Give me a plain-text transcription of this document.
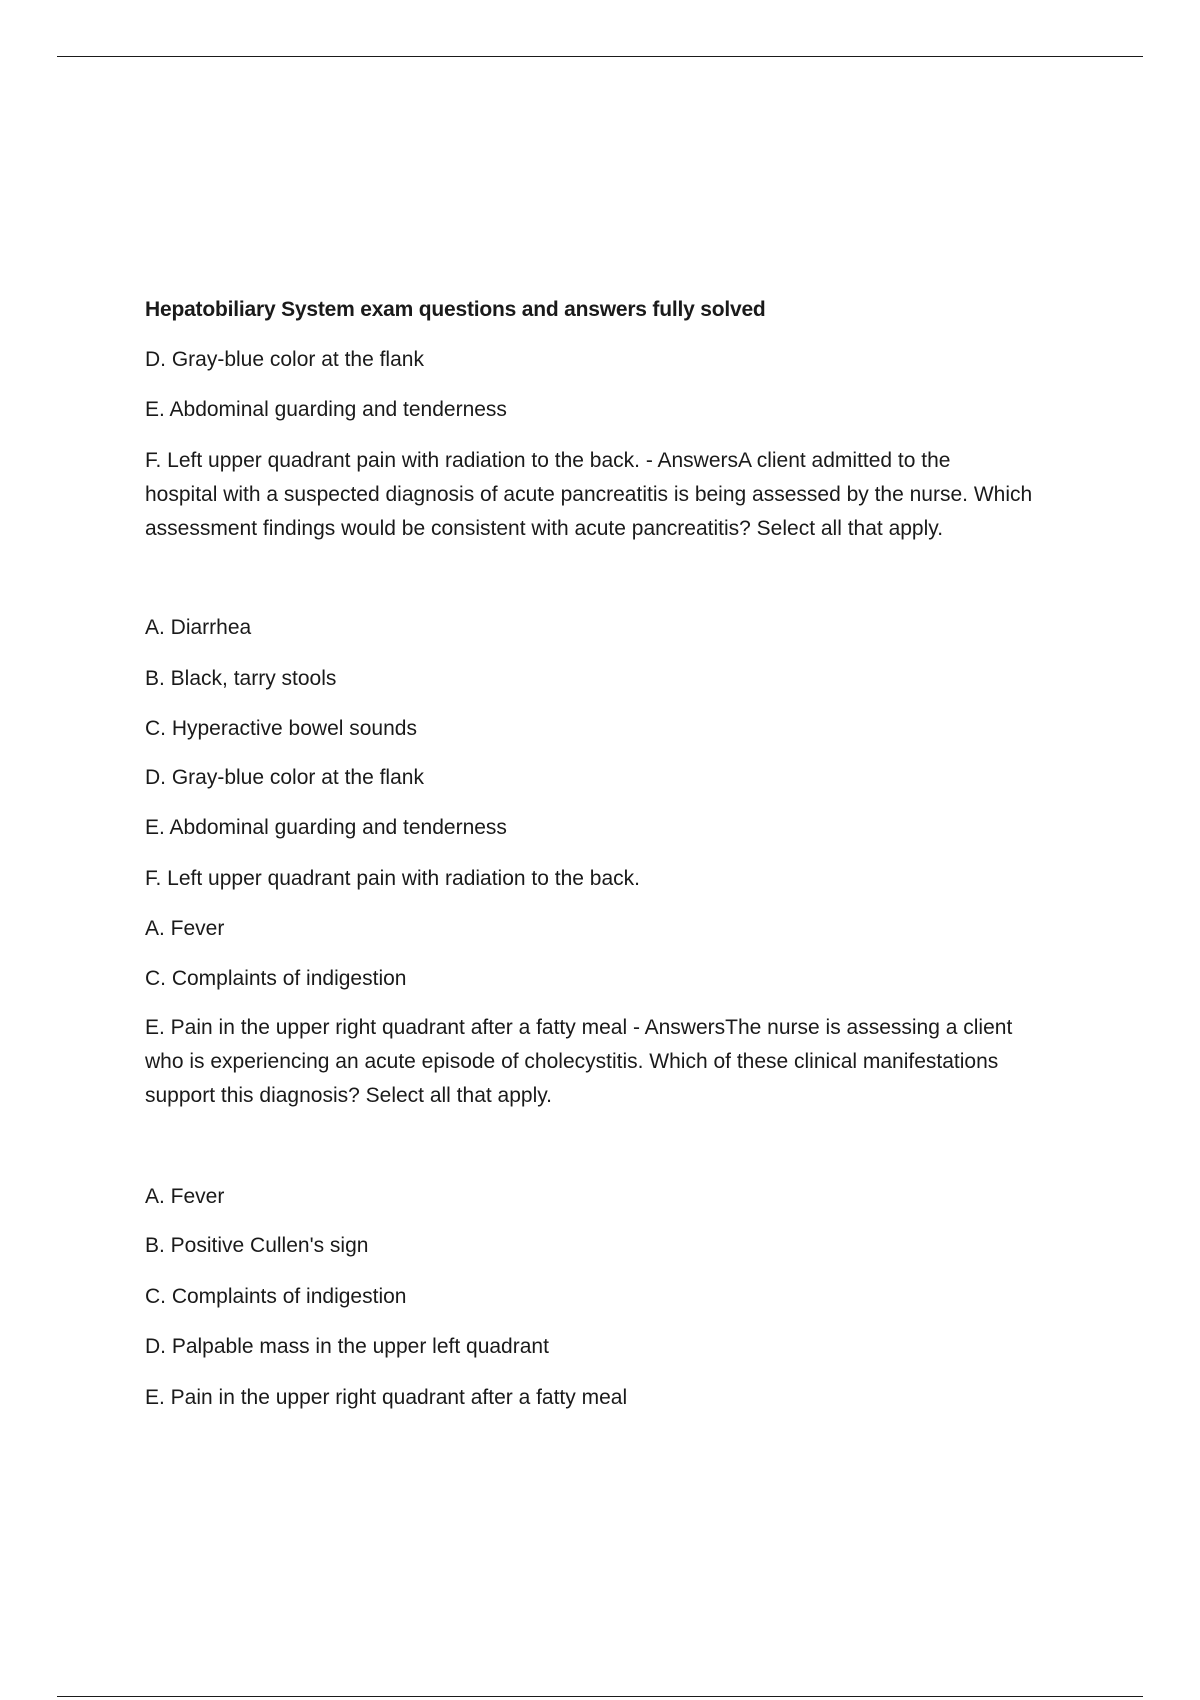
Hepatobiliary System exam questions and answers fully solved

D. Gray-blue color at the flank

E. Abdominal guarding and tenderness

F. Left upper quadrant pain with radiation to the back. - AnswersA client admitted to the
hospital with a suspected diagnosis of acute pancreatitis is being assessed by the nurse. Which
assessment findings would be consistent with acute pancreatitis? Select all that apply.

A. Diarrhea

B. Black, tarry stools

C. Hyperactive bowel sounds

D. Gray-blue color at the flank

E. Abdominal guarding and tenderness

F. Left upper quadrant pain with radiation to the back.

A. Fever

C. Complaints of indigestion

E. Pain in the upper right quadrant after a fatty meal - AnswersThe nurse is assessing a client
who is experiencing an acute episode of cholecystitis. Which of these clinical manifestations
support this diagnosis? Select all that apply.

A. Fever

B. Positive Cullen's sign

C. Complaints of indigestion

D. Palpable mass in the upper left quadrant

E. Pain in the upper right quadrant after a fatty meal
